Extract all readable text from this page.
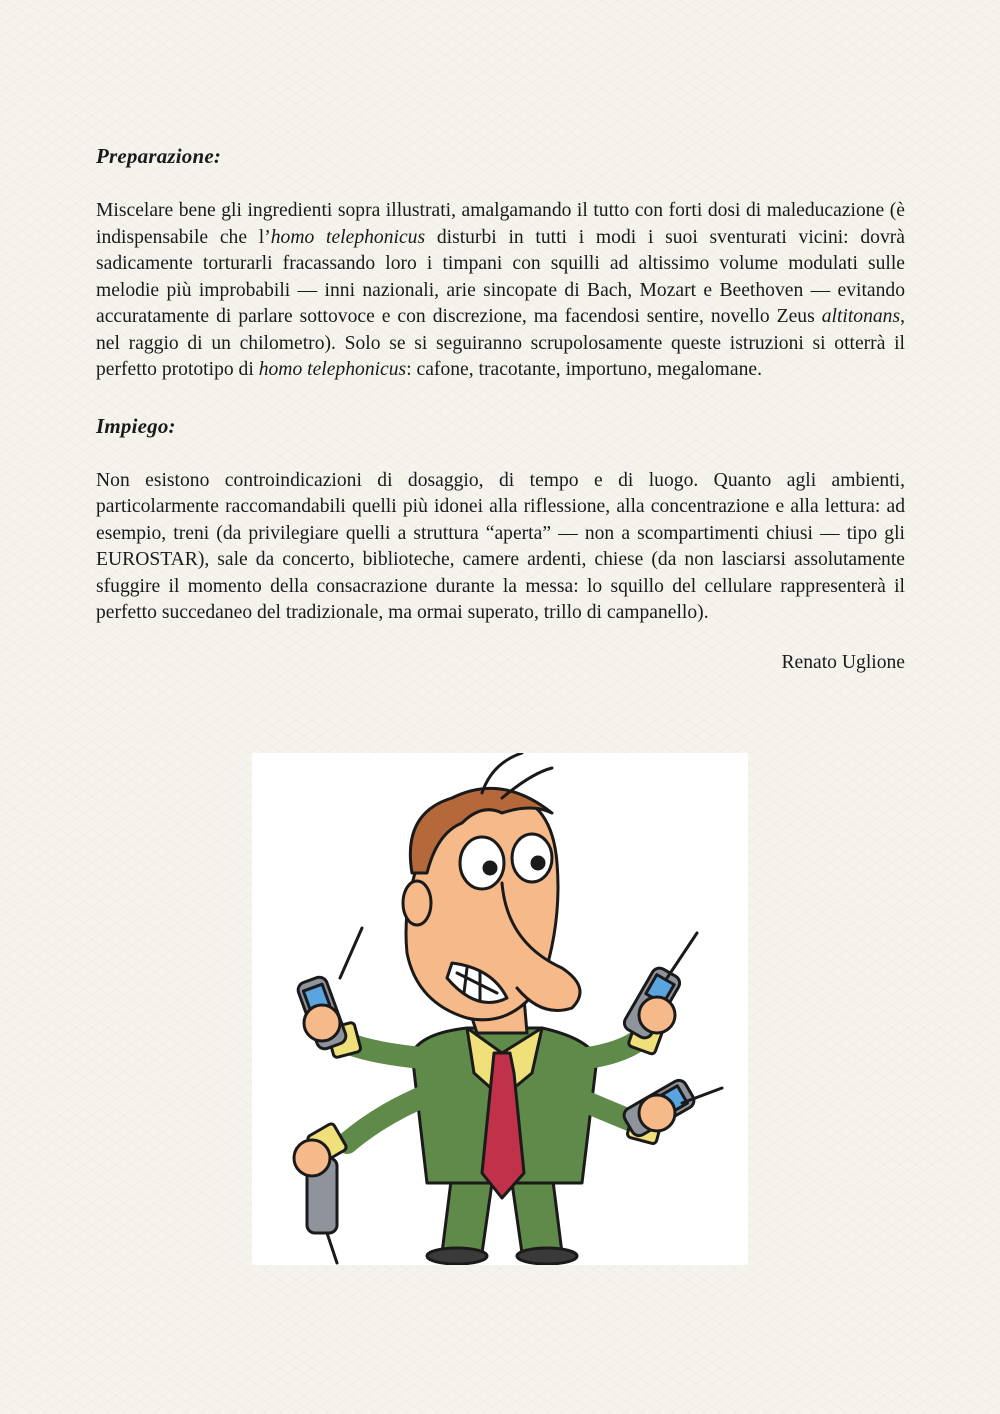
Preparazione:

Miscelare bene gli ingredienti sopra illustrati, amalgamando il tutto con forti dosi di maleducazione (è indispensabile che l’homo telephonicus disturbi in tutti i modi i suoi sventurati vicini: dovrà sadicamente torturarli fracassando loro i timpani con squilli ad altissimo volume modulati sulle melodie più improbabili — inni nazionali, arie sincopate di Bach, Mozart e Beethoven — evitando accuratamente di parlare sottovoce e con discrezione, ma facendosi sentire, novello Zeus altitonans, nel raggio di un chilometro). Solo se si seguiranno scrupolosamente queste istruzioni si otterrà il perfetto prototipo di homo telephonicus: cafone, tracotante, importuno, megalomane.

Impiego:

Non esistono controindicazioni di dosaggio, di tempo e di luogo. Quanto agli ambienti, particolarmente raccomandabili quelli più idonei alla riflessione, alla concentrazione e alla lettura: ad esempio, treni (da privilegiare quelli a struttura “aperta” — non a scompartimenti chiusi — tipo gli EUROSTAR), sale da concerto, biblioteche, camere ardenti, chiese (da non lasciarsi assolutamente sfuggire il momento della consacrazione durante la messa: lo squillo del cellulare rappresenterà il perfetto succedaneo del tradizionale, ma ormai superato, trillo di campanello).

Renato Uglione
